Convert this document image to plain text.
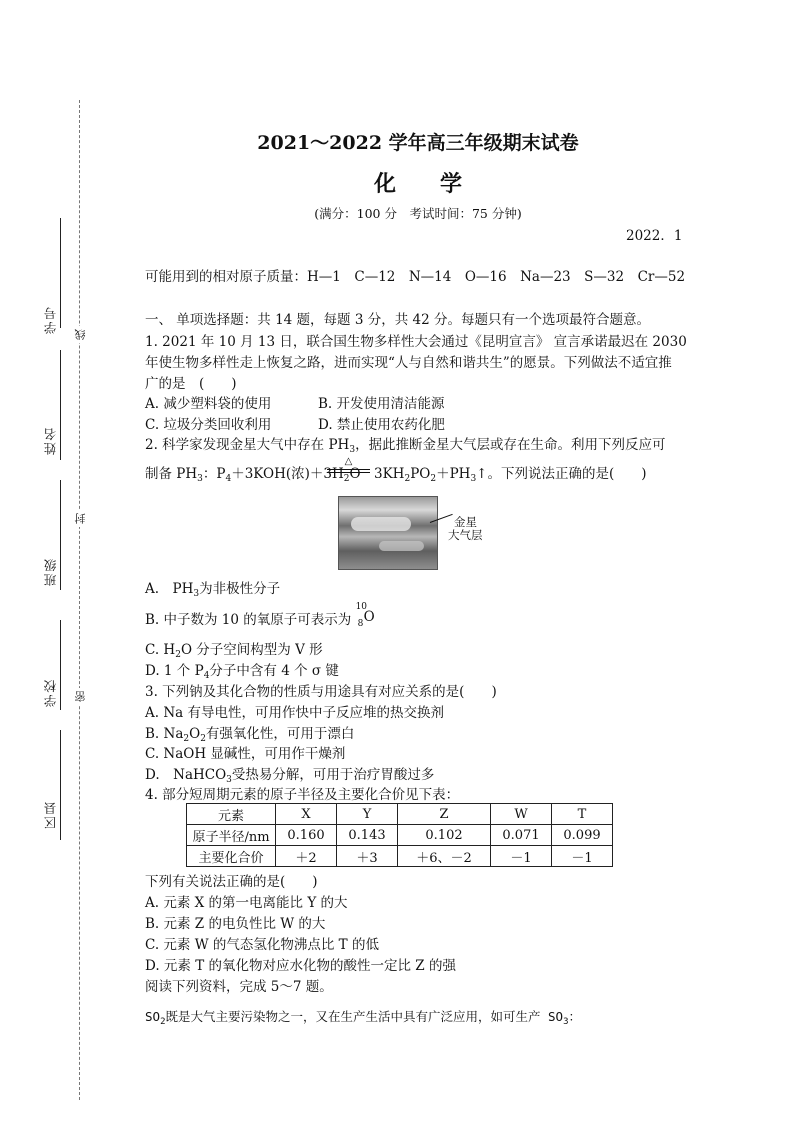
学号
姓名
班级
学校
区县
线
封
密
2021～2022 学年高三年级期末试卷
化　　学
(满分：100 分　考试时间：75 分钟)
2022．1
可能用到的相对原子质量：H—1　C—12　N—14　O—16　Na—23　S—32　Cr—52
一、 单项选择题：共 14 题，每题 3 分，共 42 分。每题只有一个选项最符合题意。
1. 2021 年 10 月 13 日，联合国生物多样性大会通过《昆明宣言》 宣言承诺最迟在 2030
年使生物多样性走上恢复之路，进而实现“人与自然和谐共生”的愿景。下列做法不适宜推
广的是　(　　)
A. 减少塑料袋的使用	B. 开发使用清洁能源
C. 垃圾分类回收利用	D. 禁止使用农药化肥
2. 科学家发现金星大气中存在 $PH_3$，据此推断金星大气层或存在生命。利用下列反应可
制备 $PH_3$：$P_4+3KOH$(浓)$+3H_2O$
△
$3KH_2PO_2+PH_3↑$。下列说法正确的是(　　)
金星
大气层
A.　$PH_3$为非极性分子
B. 中子数为 10 的氧原子可表示为
10
8 O
C. $H_2O$ 分子空间构型为 V 形
D. 1 个 $P_4$分子中含有 4 个 σ 键
3. 下列钠及其化合物的性质与用途具有对应关系的是(　　)
A. Na 有导电性，可用作快中子反应堆的热交换剂
B. $Na_2O_2$有强氧化性，可用于漂白
C. NaOH 显碱性，可用作干燥剂
D.　NaHCO$_3$受热易分解，可用于治疗胃酸过多
4. 部分短周期元素的原子半径及主要化合价见下表：
元素	X	Y	Z	W	T
原子半径/nm	0.160	0.143	0.102	0.071	0.099
主要化合价	＋2	＋3	＋6、－2	－1	－1
下列有关说法正确的是(　　)
A. 元素 X 的第一电离能比 Y 的大
B. 元素 Z 的电负性比 W 的大
C. 元素 W 的气态氢化物沸点比 T 的低
D. 元素 T 的氧化物对应水化物的酸性一定比 Z 的强
阅读下列资料，完成 5～7 题。
$SO_2$既是大气主要污染物之一，又在生产生活中具有广泛应用，如可生产 $SO_3$：
